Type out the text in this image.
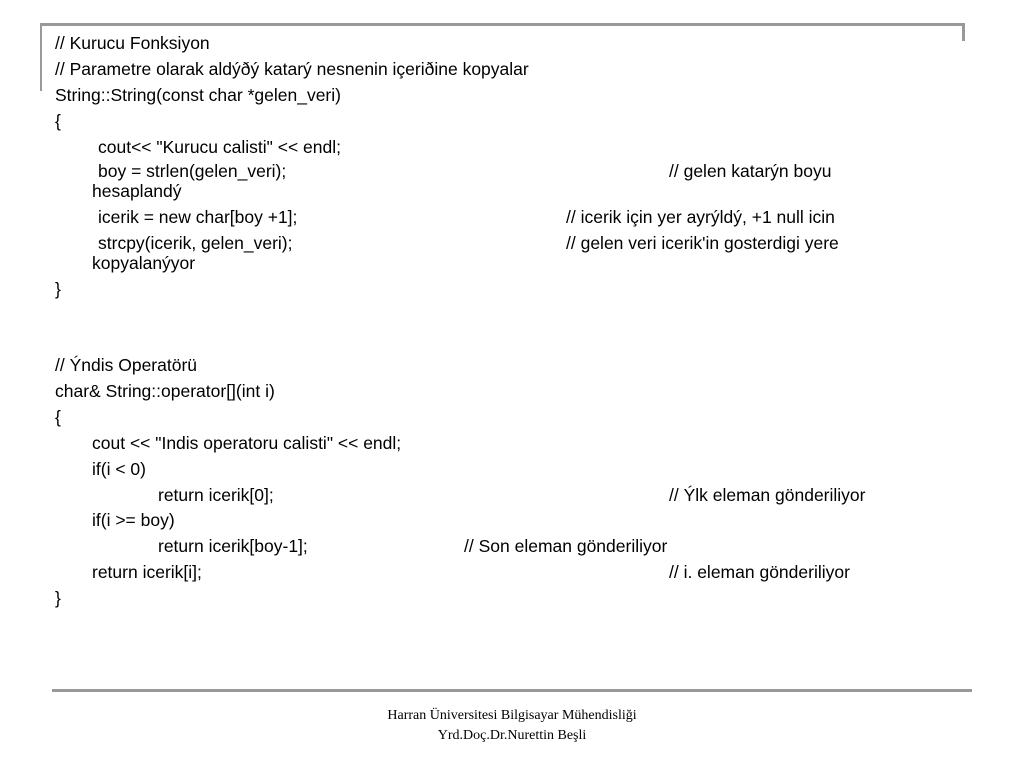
// Kurucu Fonksiyon
// Parametre olarak aldýðý katarý nesnenin içeriðine kopyalar
String::String(const char *gelen_veri)
{
cout<< "Kurucu calisti" << endl;
boy = strlen(gelen_veri);	// gelen katarýn boyu
hesaplandý
icerik = new char[boy +1];	// icerik için yer ayrýldý, +1 null icin
strcpy(icerik, gelen_veri);	// gelen veri icerik'in gosterdigi yere
kopyalanýyor
}
// Ýndis Operatörü
char& String::operator[](int i)
{
cout << "Indis operatoru calisti" << endl;
if(i < 0)
return icerik[0];	// Ýlk eleman gönderiliyor
if(i >= boy)
return icerik[boy-1];	// Son eleman gönderiliyor
return icerik[i];	// i. eleman gönderiliyor
}
Harran Üniversitesi Bilgisayar Mühendisliği
Yrd.Doç.Dr.Nurettin Beşli
